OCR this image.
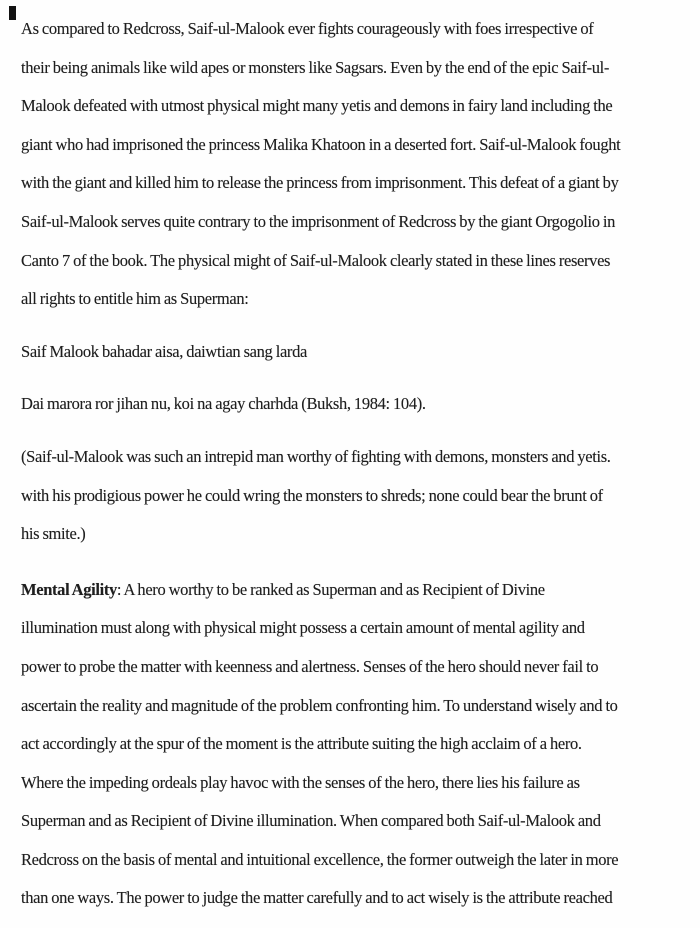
As compared to Redcross, Saif-ul-Malook ever fights courageously with foes irrespective of
their being animals like wild apes or monsters like Sagsars. Even by the end of the epic Saif-ul-
Malook defeated with utmost physical might many yetis and demons in fairy land including the
giant who had imprisoned the princess Malika Khatoon in a deserted fort. Saif-ul-Malook fought
with the giant and killed him to release the princess from imprisonment. This defeat of a giant by
Saif-ul-Malook serves quite contrary to the imprisonment of Redcross by the giant Orgogolio in
Canto 7 of the book. The physical might of Saif-ul-Malook clearly stated in these lines reserves
all rights to entitle him as Superman:
Saif Malook bahadar aisa, daiwtian sang larda
Dai marora ror jihan nu, koi na agay charhda (Buksh, 1984: 104).
(Saif-ul-Malook was such an intrepid man worthy of fighting with demons, monsters and yetis.
with his prodigious power he could wring the monsters to shreds; none could bear the brunt of
his smite.)
Mental Agility: A hero worthy to be ranked as Superman and as Recipient of Divine
illumination must along with physical might possess a certain amount of mental agility and
power to probe the matter with keenness and alertness. Senses of the hero should never fail to
ascertain the reality and magnitude of the problem confronting him. To understand wisely and to
act accordingly at the spur of the moment is the attribute suiting the high acclaim of a hero.
Where the impeding ordeals play havoc with the senses of the hero, there lies his failure as
Superman and as Recipient of Divine illumination. When compared both Saif-ul-Malook and
Redcross on the basis of mental and intuitional excellence, the former outweigh the later in more
than one ways. The power to judge the matter carefully and to act wisely is the attribute reached
